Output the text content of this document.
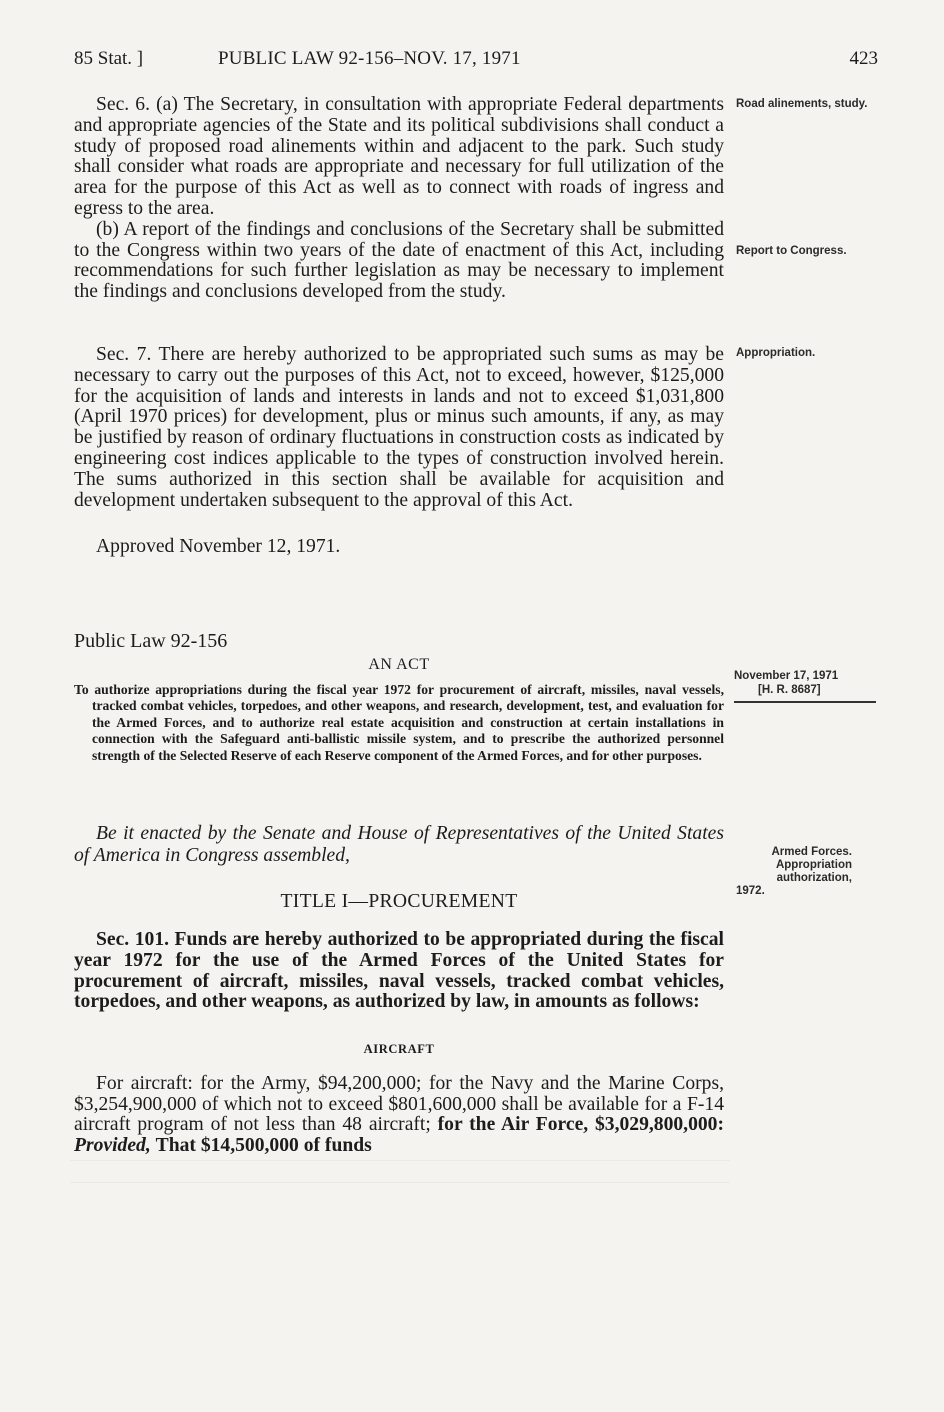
85 Stat. ]	PUBLIC LAW 92-156–NOV. 17, 1971	423

Sec. 6. (a) The Secretary, in consultation with appropriate Federal departments and appropriate agencies of the State and its political subdivisions shall conduct a study of proposed road alinements within and adjacent to the park. Such study shall consider what roads are appropriate and necessary for full utilization of the area for the purpose of this Act as well as to connect with roads of ingress and egress to the area.

(b) A report of the findings and conclusions of the Secretary shall be submitted to the Congress within two years of the date of enactment of this Act, including recommendations for such further legislation as may be necessary to implement the findings and conclusions developed from the study.

Sec. 7. There are hereby authorized to be appropriated such sums as may be necessary to carry out the purposes of this Act, not to exceed, however, $125,000 for the acquisition of lands and interests in lands and not to exceed $1,031,800 (April 1970 prices) for development, plus or minus such amounts, if any, as may be justified by reason of ordinary fluctuations in construction costs as indicated by engineering cost indices applicable to the types of construction involved herein. The sums authorized in this section shall be available for acquisition and development undertaken subsequent to the approval of this Act.

Approved November 12, 1971.
Road alinements, study.
Report to Congress.
Appropriation.
Public Law 92-156
AN ACT
November 17, 1971
[H. R. 8687]
To authorize appropriations during the fiscal year 1972 for procurement of aircraft, missiles, naval vessels, tracked combat vehicles, torpedoes, and other weapons, and research, development, test, and evaluation for the Armed Forces, and to authorize real estate acquisition and construction at certain installations in connection with the Safeguard anti-ballistic missile system, and to prescribe the authorized personnel strength of the Selected Reserve of each Reserve component of the Armed Forces, and for other purposes.
Be it enacted by the Senate and House of Representatives of the United States of America in Congress assembled,	Armed Forces.
Appropriation
authorization,
1972.
TITLE I—PROCUREMENT

Sec. 101. Funds are hereby authorized to be appropriated during the fiscal year 1972 for the use of the Armed Forces of the United States for procurement of aircraft, missiles, naval vessels, tracked combat vehicles, torpedoes, and other weapons, as authorized by law, in amounts as follows:

AIRCRAFT

For aircraft: for the Army, $94,200,000; for the Navy and the Marine Corps, $3,254,900,000 of which not to exceed $801,600,000 shall be available for a F-14 aircraft program of not less than 48 aircraft; for the Air Force, $3,029,800,000: Provided, That $14,500,000 of funds
